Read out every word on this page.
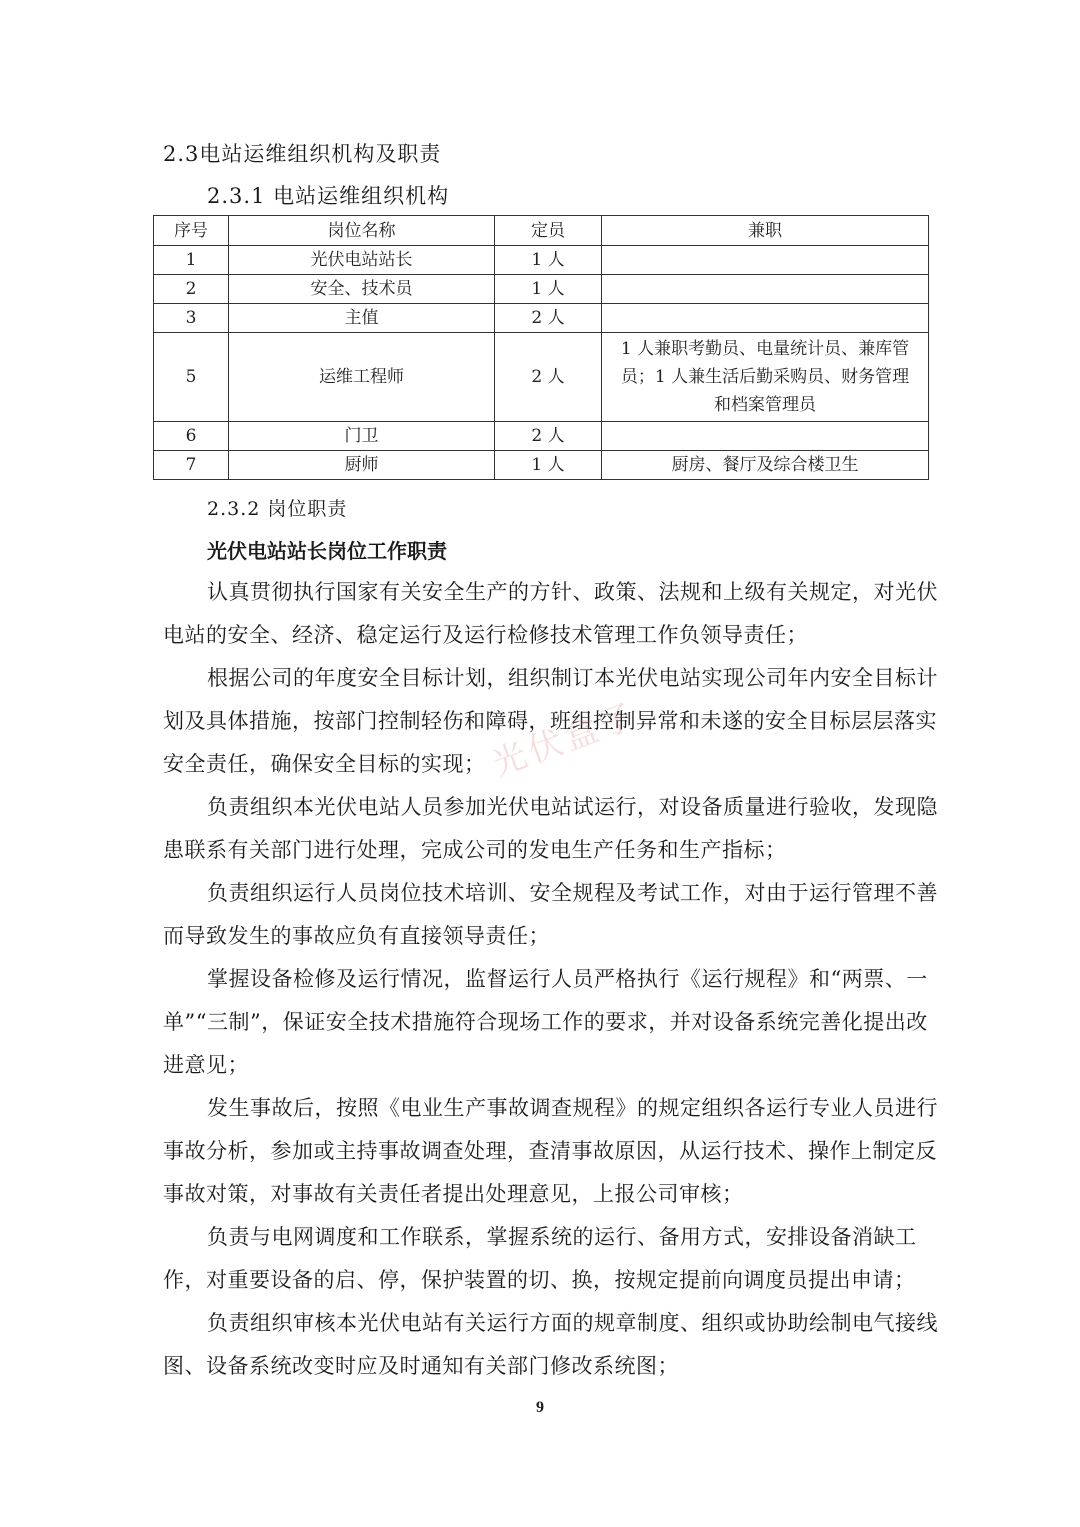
2.3电站运维组织机构及职责
2.3.1 电站运维组织机构
序号	岗位名称	定员	兼职
1	光伏电站站长	1 人	
2	安全、技术员	1 人	
3	主值	2 人	
5	运维工程师	2 人	1 人兼职考勤员、电量统计员、兼库管员；1 人兼生活后勤采购员、财务管理和档案管理员
6	门卫	2 人	
7	厨师	1 人	厨房、餐厅及综合楼卫生
2.3.2 岗位职责
光伏电站站长岗位工作职责
认真贯彻执行国家有关安全生产的方针、政策、法规和上级有关规定，对光伏电站的安全、经济、稳定运行及运行检修技术管理工作负领导责任；
根据公司的年度安全目标计划，组织制订本光伏电站实现公司年内安全目标计划及具体措施，按部门控制轻伤和障碍，班组控制异常和未遂的安全目标层层落实安全责任，确保安全目标的实现；
负责组织本光伏电站人员参加光伏电站试运行，对设备质量进行验收，发现隐患联系有关部门进行处理，完成公司的发电生产任务和生产指标；
负责组织运行人员岗位技术培训、安全规程及考试工作，对由于运行管理不善而导致发生的事故应负有直接领导责任；
掌握设备检修及运行情况，监督运行人员严格执行《运行规程》和“两票、一单”“三制”，保证安全技术措施符合现场工作的要求，并对设备系统完善化提出改进意见；
发生事故后，按照《电业生产事故调查规程》的规定组织各运行专业人员进行事故分析，参加或主持事故调查处理，查清事故原因，从运行技术、操作上制定反事故对策，对事故有关责任者提出处理意见，上报公司审核；
负责与电网调度和工作联系，掌握系统的运行、备用方式，安排设备消缺工作，对重要设备的启、停，保护装置的切、换，按规定提前向调度员提出申请；
负责组织审核本光伏电站有关运行方面的规章制度、组织或协助绘制电气接线图、设备系统改变时应及时通知有关部门修改系统图；
光伏盒子
9
